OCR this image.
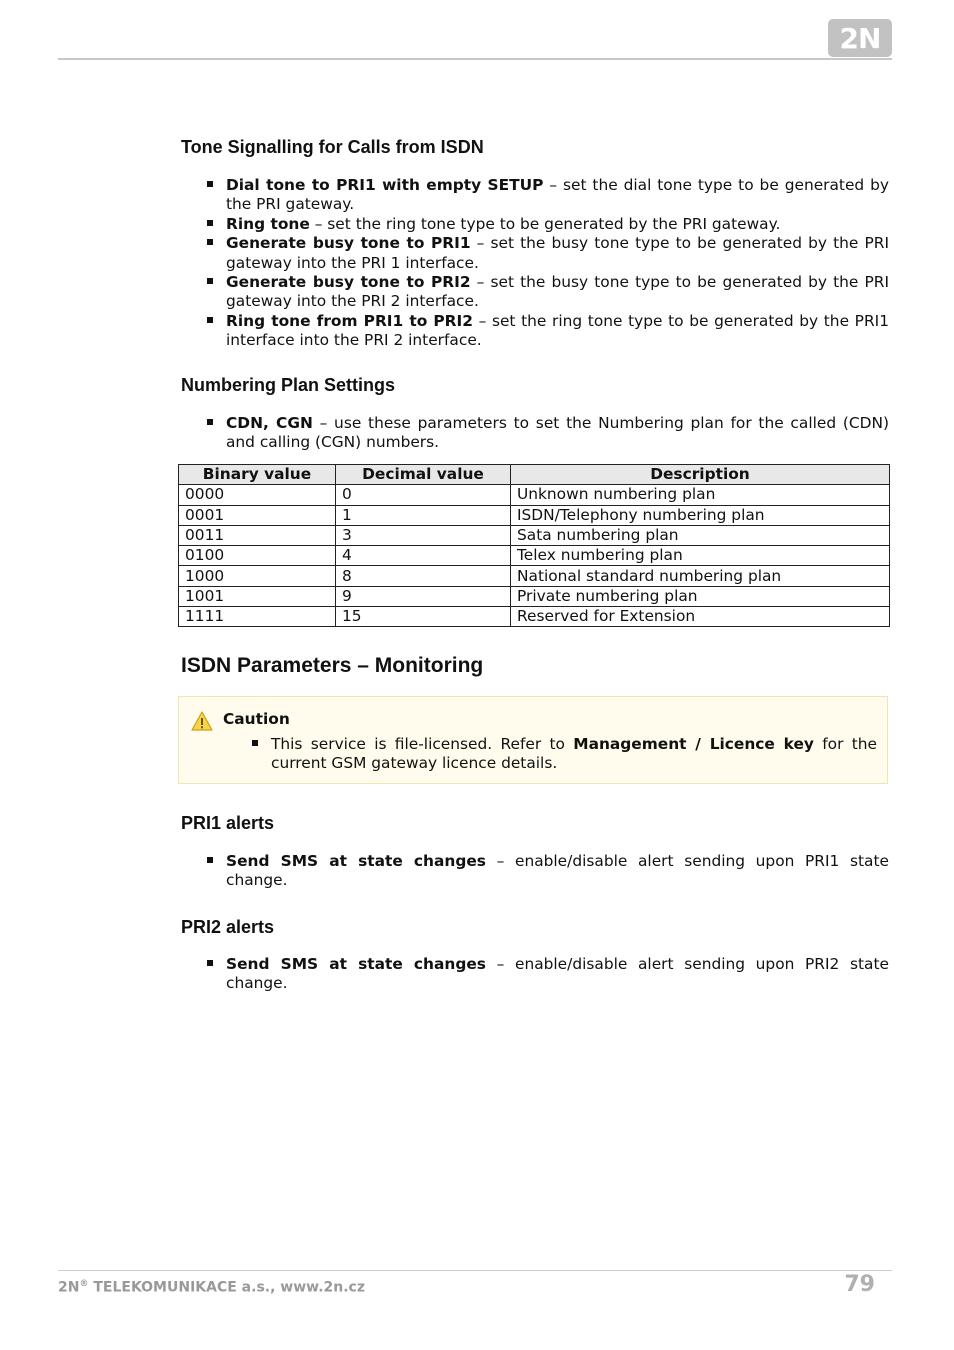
2N
Tone Signalling for Calls from ISDN
Dial tone to PRI1 with empty SETUP – set the dial tone type to be generated by the PRI gateway.
Ring tone – set the ring tone type to be generated by the PRI gateway.
Generate busy tone to PRI1 – set the busy tone type to be generated by the PRI gateway into the PRI 1 interface.
Generate busy tone to PRI2 – set the busy tone type to be generated by the PRI gateway into the PRI 2 interface.
Ring tone from PRI1 to PRI2 – set the ring tone type to be generated by the PRI1 interface into the PRI 2 interface.
Numbering Plan Settings
CDN, CGN – use these parameters to set the Numbering plan for the called (CDN) and calling (CGN) numbers.
Binary value	Decimal value	Description
0000	0	Unknown numbering plan
0001	1	ISDN/Telephony numbering plan
0011	3	Sata numbering plan
0100	4	Telex numbering plan
1000	8	National standard numbering plan
1001	9	Private numbering plan
1111	15	Reserved for Extension
ISDN Parameters – Monitoring
Caution
This service is file-licensed. Refer to Management / Licence key for the current GSM gateway licence details.
PRI1 alerts
Send SMS at state changes – enable/disable alert sending upon PRI1 state change.
PRI2 alerts
Send SMS at state changes – enable/disable alert sending upon PRI2 state change.
2N® TELEKOMUNIKACE a.s., www.2n.cz	79
